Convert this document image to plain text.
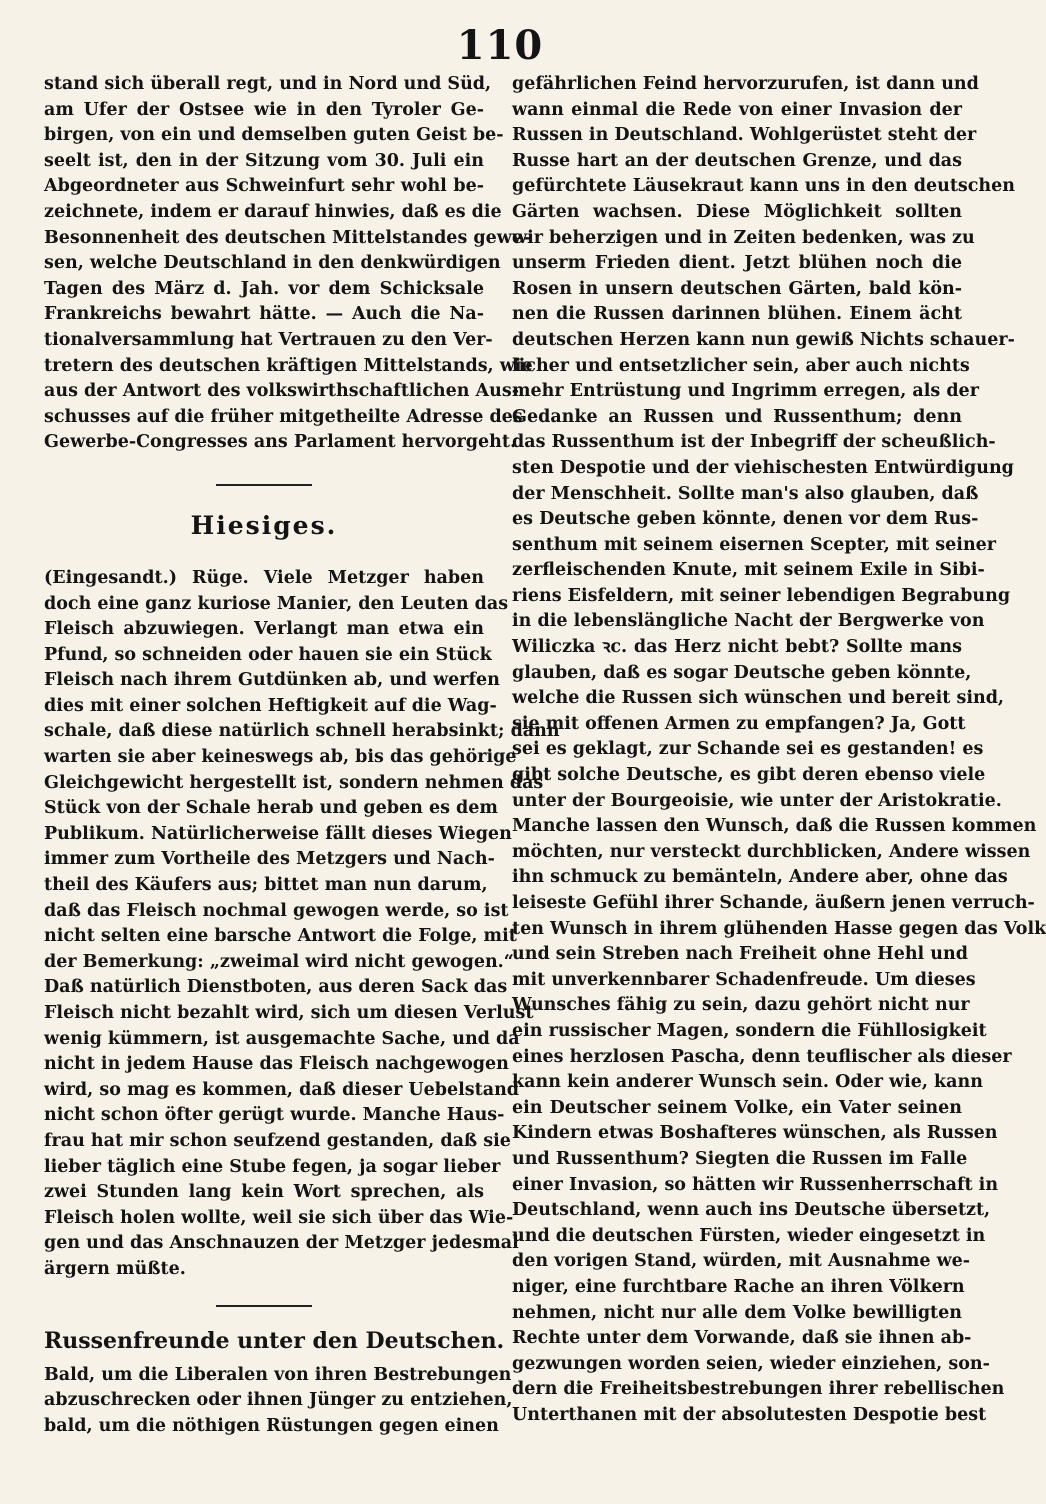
110
stand sich überall regt, und in Nord und Süd,
am Ufer der Ostsee wie in den Tyroler Ge-
birgen, von ein und demselben guten Geist be-
seelt ist, den in der Sitzung vom 30. Juli ein
Abgeordneter aus Schweinfurt sehr wohl be-
zeichnete, indem er darauf hinwies, daß es die
Besonnenheit des deutschen Mittelstandes gewe-
sen, welche Deutschland in den denkwürdigen
Tagen des März d. Jah. vor dem Schicksale
Frankreichs bewahrt hätte. — Auch die Na-
tionalversammlung hat Vertrauen zu den Ver-
tretern des deutschen kräftigen Mittelstands, wie
aus der Antwort des volkswirthschaftlichen Aus-
schusses auf die früher mitgetheilte Adresse des
Gewerbe-Congresses ans Parlament hervorgeht.
Hiesiges.
(Eingesandt.) Rüge. Viele Metzger haben
doch eine ganz kuriose Manier, den Leuten das
Fleisch abzuwiegen. Verlangt man etwa ein
Pfund, so schneiden oder hauen sie ein Stück
Fleisch nach ihrem Gutdünken ab, und werfen
dies mit einer solchen Heftigkeit auf die Wag-
schale, daß diese natürlich schnell herabsinkt; dann
warten sie aber keineswegs ab, bis das gehörige
Gleichgewicht hergestellt ist, sondern nehmen das
Stück von der Schale herab und geben es dem
Publikum. Natürlicherweise fällt dieses Wiegen
immer zum Vortheile des Metzgers und Nach-
theil des Käufers aus; bittet man nun darum,
daß das Fleisch nochmal gewogen werde, so ist
nicht selten eine barsche Antwort die Folge, mit
der Bemerkung: „zweimal wird nicht gewogen.“
Daß natürlich Dienstboten, aus deren Sack das
Fleisch nicht bezahlt wird, sich um diesen Verlust
wenig kümmern, ist ausgemachte Sache, und da
nicht in jedem Hause das Fleisch nachgewogen
wird, so mag es kommen, daß dieser Uebelstand
nicht schon öfter gerügt wurde. Manche Haus-
frau hat mir schon seufzend gestanden, daß sie
lieber täglich eine Stube fegen, ja sogar lieber
zwei Stunden lang kein Wort sprechen, als
Fleisch holen wollte, weil sie sich über das Wie-
gen und das Anschnauzen der Metzger jedesmal
ärgern müßte.
Russenfreunde unter den Deutschen.
Bald, um die Liberalen von ihren Bestrebungen
abzuschrecken oder ihnen Jünger zu entziehen,
bald, um die nöthigen Rüstungen gegen einen
gefährlichen Feind hervorzurufen, ist dann und
wann einmal die Rede von einer Invasion der
Russen in Deutschland. Wohlgerüstet steht der
Russe hart an der deutschen Grenze, und das
gefürchtete Läusekraut kann uns in den deutschen
Gärten wachsen. Diese Möglichkeit sollten
wir beherzigen und in Zeiten bedenken, was zu
unserm Frieden dient. Jetzt blühen noch die
Rosen in unsern deutschen Gärten, bald kön-
nen die Russen darinnen blühen. Einem ächt
deutschen Herzen kann nun gewiß Nichts schauer-
licher und entsetzlicher sein, aber auch nichts
mehr Entrüstung und Ingrimm erregen, als der
Gedanke an Russen und Russenthum; denn
das Russenthum ist der Inbegriff der scheußlich-
sten Despotie und der viehischesten Entwürdigung
der Menschheit. Sollte man's also glauben, daß
es Deutsche geben könnte, denen vor dem Rus-
senthum mit seinem eisernen Scepter, mit seiner
zerfleischenden Knute, mit seinem Exile in Sibi-
riens Eisfeldern, mit seiner lebendigen Begrabung
in die lebenslängliche Nacht der Bergwerke von
Wiliczka ꝛc. das Herz nicht bebt? Sollte mans
glauben, daß es sogar Deutsche geben könnte,
welche die Russen sich wünschen und bereit sind,
sie mit offenen Armen zu empfangen? Ja, Gott
sei es geklagt, zur Schande sei es gestanden! es
gibt solche Deutsche, es gibt deren ebenso viele
unter der Bourgeoisie, wie unter der Aristokratie.
Manche lassen den Wunsch, daß die Russen kommen
möchten, nur versteckt durchblicken, Andere wissen
ihn schmuck zu bemänteln, Andere aber, ohne das
leiseste Gefühl ihrer Schande, äußern jenen verruch-
ten Wunsch in ihrem glühenden Hasse gegen das Volk
und sein Streben nach Freiheit ohne Hehl und
mit unverkennbarer Schadenfreude. Um dieses
Wunsches fähig zu sein, dazu gehört nicht nur
ein russischer Magen, sondern die Fühllosigkeit
eines herzlosen Pascha, denn teuflischer als dieser
kann kein anderer Wunsch sein. Oder wie, kann
ein Deutscher seinem Volke, ein Vater seinen
Kindern etwas Boshafteres wünschen, als Russen
und Russenthum? Siegten die Russen im Falle
einer Invasion, so hätten wir Russenherrschaft in
Deutschland, wenn auch ins Deutsche übersetzt,
und die deutschen Fürsten, wieder eingesetzt in
den vorigen Stand, würden, mit Ausnahme we-
niger, eine furchtbare Rache an ihren Völkern
nehmen, nicht nur alle dem Volke bewilligten
Rechte unter dem Vorwande, daß sie ihnen ab-
gezwungen worden seien, wieder einziehen, son-
dern die Freiheitsbestrebungen ihrer rebellischen
Unterthanen mit der absolutesten Despotie best
